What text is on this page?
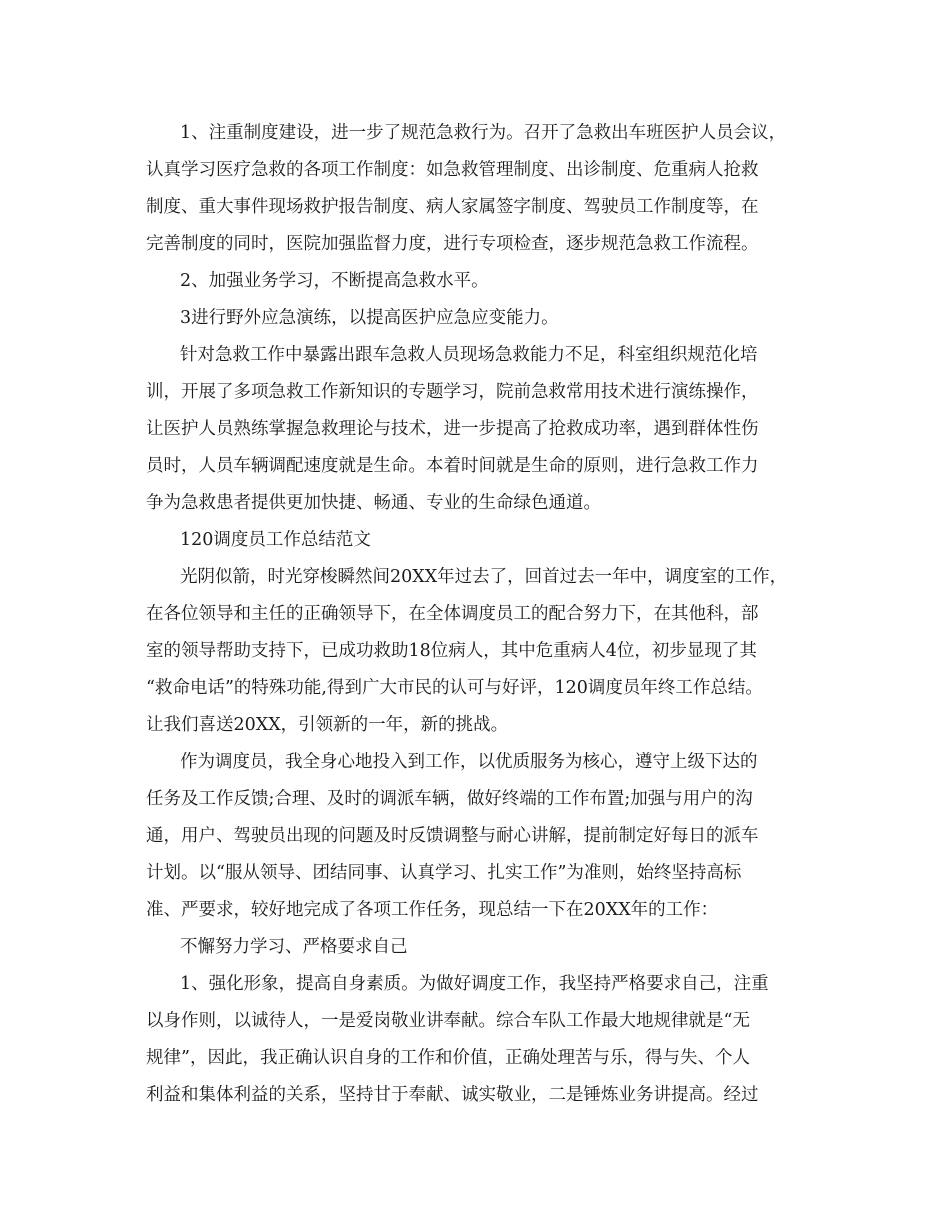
1、注重制度建设，进一步了规范急救行为。召开了急救出车班医护人员会议，
认真学习医疗急救的各项工作制度：如急救管理制度、出诊制度、危重病人抢救
制度、重大事件现场救护报告制度、病人家属签字制度、驾驶员工作制度等，在
完善制度的同时，医院加强监督力度，进行专项检查，逐步规范急救工作流程。
2、加强业务学习，不断提高急救水平。
3进行野外应急演练，以提高医护应急应变能力。
针对急救工作中暴露出跟车急救人员现场急救能力不足，科室组织规范化培
训，开展了多项急救工作新知识的专题学习，院前急救常用技术进行演练操作，
让医护人员熟练掌握急救理论与技术，进一步提高了抢救成功率，遇到群体性伤
员时，人员车辆调配速度就是生命。本着时间就是生命的原则，进行急救工作力
争为急救患者提供更加快捷、畅通、专业的生命绿色通道。
120调度员工作总结范文
光阴似箭，时光穿梭瞬然间20XX年过去了，回首过去一年中，调度室的工作，
在各位领导和主任的正确领导下，在全体调度员工的配合努力下，在其他科，部
室的领导帮助支持下，已成功救助18位病人，其中危重病人4位，初步显现了其
“救命电话”的特殊功能,得到广大市民的认可与好评，120调度员年终工作总结。
让我们喜送20XX，引领新的一年，新的挑战。
作为调度员，我全身心地投入到工作，以优质服务为核心，遵守上级下达的
任务及工作反馈;合理、及时的调派车辆，做好终端的工作布置;加强与用户的沟
通，用户、驾驶员出现的问题及时反馈调整与耐心讲解，提前制定好每日的派车
计划。以“服从领导、团结同事、认真学习、扎实工作”为准则，始终坚持高标
准、严要求，较好地完成了各项工作任务，现总结一下在20XX年的工作：
不懈努力学习、严格要求自己
1、强化形象，提高自身素质。为做好调度工作，我坚持严格要求自己，注重
以身作则，以诚待人，一是爱岗敬业讲奉献。综合车队工作最大地规律就是“无
规律”，因此，我正确认识自身的工作和价值，正确处理苦与乐，得与失、个人
利益和集体利益的关系，坚持甘于奉献、诚实敬业，二是锤炼业务讲提高。经过
